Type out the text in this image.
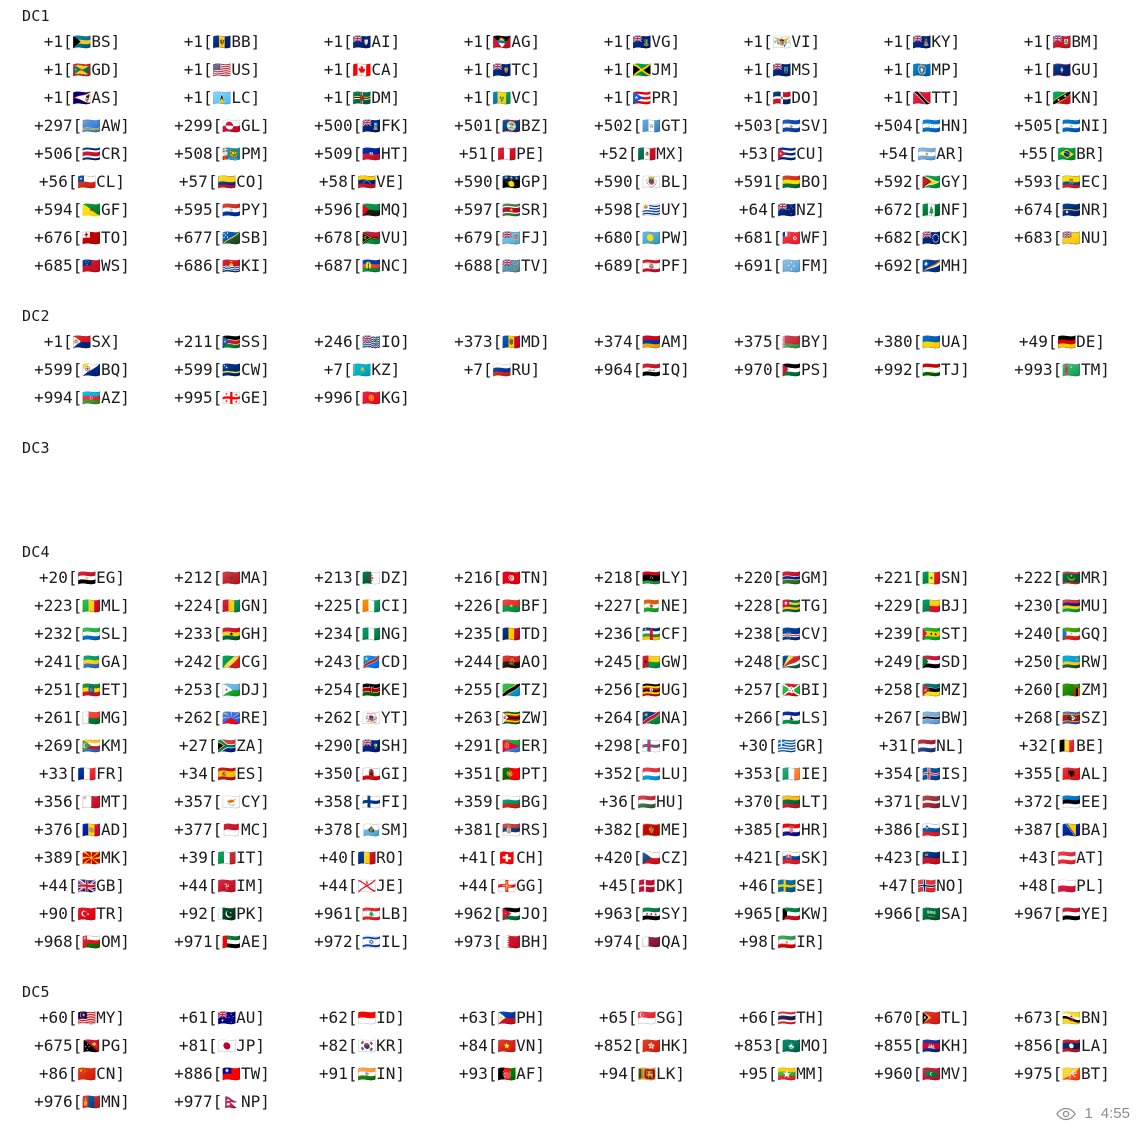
DC1
+1[🇧🇸BS]	+1[🇧🇧BB]	+1[🇦🇮AI]	+1[🇦🇬AG]	+1[🇻🇬VG]	+1[🇻🇮VI]	+1[🇰🇾KY]	+1[🇧🇲BM]
+1[🇬🇩GD]	+1[🇺🇸US]	+1[🇨🇦CA]	+1[🇹🇨TC]	+1[🇯🇲JM]	+1[🇲🇸MS]	+1[🇲🇵MP]	+1[🇬🇺GU]
+1[🇦🇸AS]	+1[🇱🇨LC]	+1[🇩🇲DM]	+1[🇻🇨VC]	+1[🇵🇷PR]	+1[🇩🇴DO]	+1[🇹🇹TT]	+1[🇰🇳KN]
+297[🇦🇼AW]	+299[🇬🇱GL]	+500[🇫🇰FK]	+501[🇧🇿BZ]	+502[🇬🇹GT]	+503[🇸🇻SV]	+504[🇭🇳HN]	+505[🇳🇮NI]
+506[🇨🇷CR]	+508[🇵🇲PM]	+509[🇭🇹HT]	+51[🇵🇪PE]	+52[🇲🇽MX]	+53[🇨🇺CU]	+54[🇦🇷AR]	+55[🇧🇷BR]
+56[🇨🇱CL]	+57[🇨🇴CO]	+58[🇻🇪VE]	+590[🇬🇵GP]	+590[🇧🇱BL]	+591[🇧🇴BO]	+592[🇬🇾GY]	+593[🇪🇨EC]
+594[🇬🇫GF]	+595[🇵🇾PY]	+596[🇲🇶MQ]	+597[🇸🇷SR]	+598[🇺🇾UY]	+64[🇳🇿NZ]	+672[🇳🇫NF]	+674[🇳🇷NR]
+676[🇹🇴TO]	+677[🇸🇧SB]	+678[🇻🇺VU]	+679[🇫🇯FJ]	+680[🇵🇼PW]	+681[🇼🇫WF]	+682[🇨🇰CK]	+683[🇳🇺NU]
+685[🇼🇸WS]	+686[🇰🇮KI]	+687[🇳🇨NC]	+688[🇹🇻TV]	+689[🇵🇫PF]	+691[🇫🇲FM]	+692[🇲🇭MH]
DC2
+1[🇸🇽SX]	+211[🇸🇸SS]	+246[🇮🇴IO]	+373[🇲🇩MD]	+374[🇦🇲AM]	+375[🇧🇾BY]	+380[🇺🇦UA]	+49[🇩🇪DE]
+599[🇧🇶BQ]	+599[🇨🇼CW]	+7[🇰🇿KZ]	+7[🇷🇺RU]	+964[🇮🇶IQ]	+970[🇵🇸PS]	+992[🇹🇯TJ]	+993[🇹🇲TM]
+994[🇦🇿AZ]	+995[🇬🇪GE]	+996[🇰🇬KG]
DC3
DC4
+20[🇪🇬EG]	+212[🇲🇦MA]	+213[🇩🇿DZ]	+216[🇹🇳TN]	+218[🇱🇾LY]	+220[🇬🇲GM]	+221[🇸🇳SN]	+222[🇲🇷MR]
+223[🇲🇱ML]	+224[🇬🇳GN]	+225[🇨🇮CI]	+226[🇧🇫BF]	+227[🇳🇪NE]	+228[🇹🇬TG]	+229[🇧🇯BJ]	+230[🇲🇺MU]
+232[🇸🇱SL]	+233[🇬🇭GH]	+234[🇳🇬NG]	+235[🇹🇩TD]	+236[🇨🇫CF]	+238[🇨🇻CV]	+239[🇸🇹ST]	+240[🇬🇶GQ]
+241[🇬🇦GA]	+242[🇨🇬CG]	+243[🇨🇩CD]	+244[🇦🇴AO]	+245[🇬🇼GW]	+248[🇸🇨SC]	+249[🇸🇩SD]	+250[🇷🇼RW]
+251[🇪🇹ET]	+253[🇩🇯DJ]	+254[🇰🇪KE]	+255[🇹🇿TZ]	+256[🇺🇬UG]	+257[🇧🇮BI]	+258[🇲🇿MZ]	+260[🇿🇲ZM]
+261[🇲🇬MG]	+262[🇷🇪RE]	+262[🇾🇹YT]	+263[🇿🇼ZW]	+264[🇳🇦NA]	+266[🇱🇸LS]	+267[🇧🇼BW]	+268[🇸🇿SZ]
+269[🇰🇲KM]	+27[🇿🇦ZA]	+290[🇸🇭SH]	+291[🇪🇷ER]	+298[🇫🇴FO]	+30[🇬🇷GR]	+31[🇳🇱NL]	+32[🇧🇪BE]
+33[🇫🇷FR]	+34[🇪🇸ES]	+350[🇬🇮GI]	+351[🇵🇹PT]	+352[🇱🇺LU]	+353[🇮🇪IE]	+354[🇮🇸IS]	+355[🇦🇱AL]
+356[🇲🇹MT]	+357[🇨🇾CY]	+358[🇫🇮FI]	+359[🇧🇬BG]	+36[🇭🇺HU]	+370[🇱🇹LT]	+371[🇱🇻LV]	+372[🇪🇪EE]
+376[🇦🇩AD]	+377[🇲🇨MC]	+378[🇸🇲SM]	+381[🇷🇸RS]	+382[🇲🇪ME]	+385[🇭🇷HR]	+386[🇸🇮SI]	+387[🇧🇦BA]
+389[🇲🇰MK]	+39[🇮🇹IT]	+40[🇷🇴RO]	+41[🇨🇭CH]	+420[🇨🇿CZ]	+421[🇸🇰SK]	+423[🇱🇮LI]	+43[🇦🇹AT]
+44[🇬🇧GB]	+44[🇮🇲IM]	+44[🇯🇪JE]	+44[🇬🇬GG]	+45[🇩🇰DK]	+46[🇸🇪SE]	+47[🇳🇴NO]	+48[🇵🇱PL]
+90[🇹🇷TR]	+92[🇵🇰PK]	+961[🇱🇧LB]	+962[🇯🇴JO]	+963[🇸🇾SY]	+965[🇰🇼KW]	+966[🇸🇦SA]	+967[🇾🇪YE]
+968[🇴🇲OM]	+971[🇦🇪AE]	+972[🇮🇱IL]	+973[🇧🇭BH]	+974[🇶🇦QA]	+98[🇮🇷IR]
DC5
+60[🇲🇾MY]	+61[🇦🇺AU]	+62[🇮🇩ID]	+63[🇵🇭PH]	+65[🇸🇬SG]	+66[🇹🇭TH]	+670[🇹🇱TL]	+673[🇧🇳BN]
+675[🇵🇬PG]	+81[🇯🇵JP]	+82[🇰🇷KR]	+84[🇻🇳VN]	+852[🇭🇰HK]	+853[🇲🇴MO]	+855[🇰🇭KH]	+856[🇱🇦LA]
+86[🇨🇳CN]	+886[🇹🇼TW]	+91[🇮🇳IN]	+93[🇦🇫AF]	+94[🇱🇰LK]	+95[🇲🇲MM]	+960[🇲🇻MV]	+975[🇧🇹BT]
+976[🇲🇳MN]	+977[🇳🇵NP]
1 4:55
